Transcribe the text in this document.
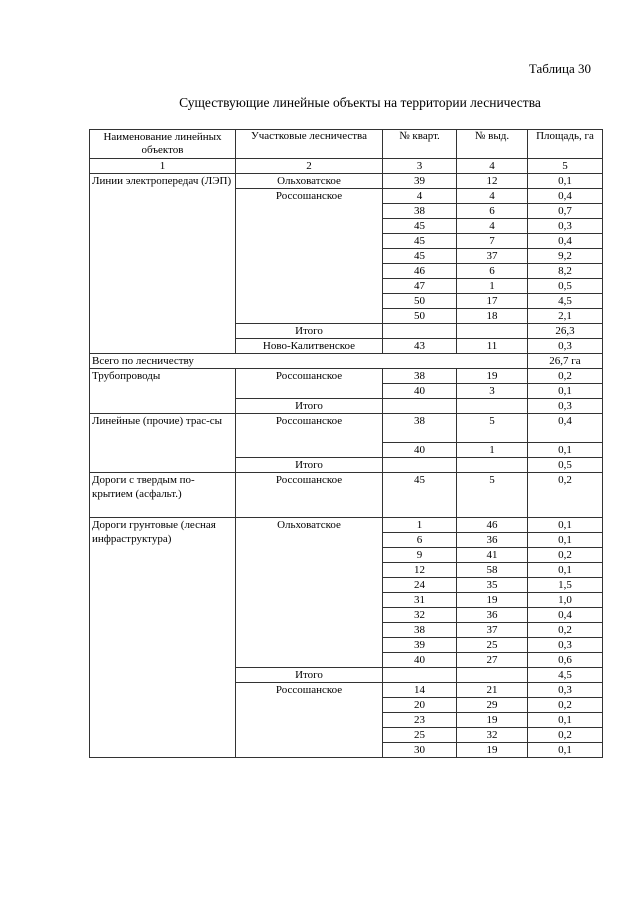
Таблица 30
Существующие линейные объекты на территории лесничества
Наименование линейных объектов	Участковые лесничества	№ кварт.	№ выд.	Площадь, га
1	2	3	4	5
Линии электропередач (ЛЭП)	Ольховатское	39	12	0,1
	Россошанское	4	4	0,4
		38	6	0,7
		45	4	0,3
		45	7	0,4
		45	37	9,2
		46	6	8,2
		47	1	0,5
		50	17	4,5
		50	18	2,1
	Итого			26,3
	Ново-Калитвенское	43	11	0,3
Всего по лесничеству				26,7 га
Трубопроводы	Россошанское	38	19	0,2
		40	3	0,1
	Итого			0,3
Линейные (прочие) трас-сы	Россошанское	38	5	0,4
		40	1	0,1
	Итого			0,5
Дороги с твердым по-крытием (асфальт.)	Россошанское	45	5	0,2
Дороги грунтовые (лесная инфраструктура)	Ольховатское	1	46	0,1
		6	36	0,1
		9	41	0,2
		12	58	0,1
		24	35	1,5
		31	19	1,0
		32	36	0,4
		38	37	0,2
		39	25	0,3
		40	27	0,6
	Итого			4,5
	Россошанское	14	21	0,3
		20	29	0,2
		23	19	0,1
		25	32	0,2
		30	19	0,1
